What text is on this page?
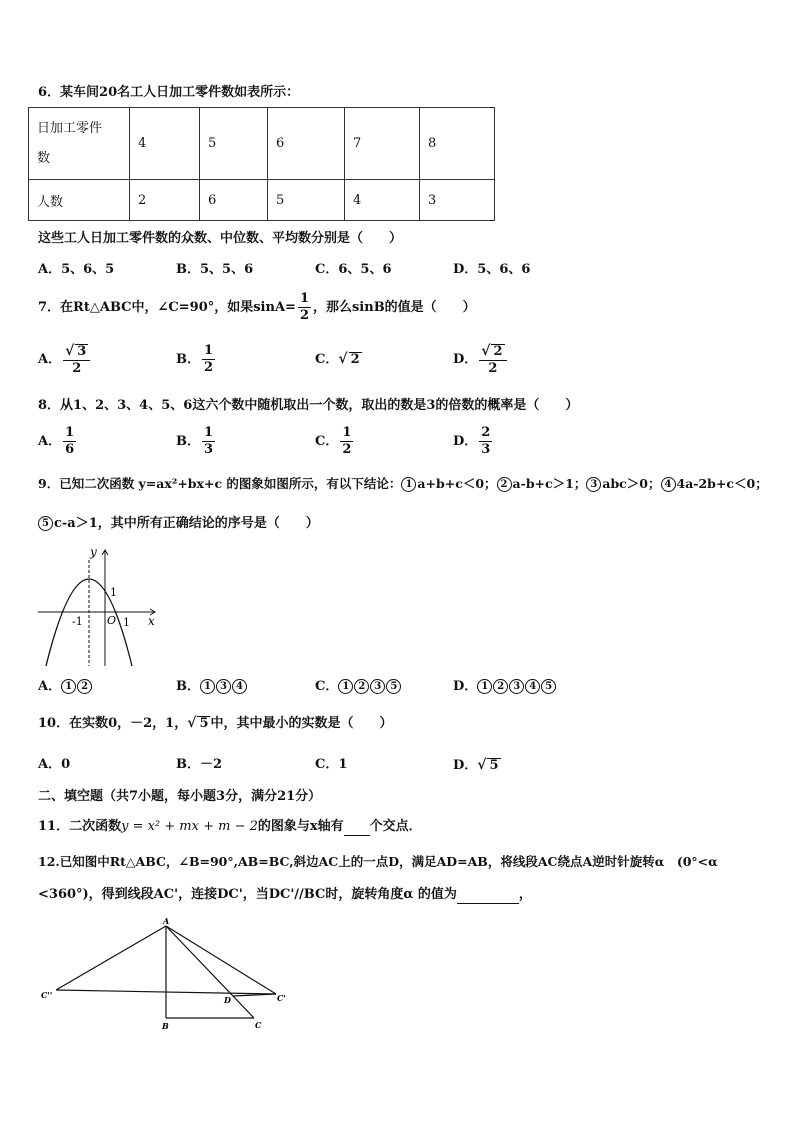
6．某车间20名工人日加工零件数如表所示：
日加工零件
数	4	5	6	7	8
人数	2	6	5	4	3
这些工人日加工零件数的众数、中位数、平均数分别是（　　）
A．5、6、5	B．5、5、6	C．6、5、6	D．5、6、6
7．在Rt△ABC中，∠C=90°，如果$\sin A= \frac{1}{2}$ ，那么sinB的值是（　　）
A． $\frac{√ 3}{2}$	B． $\frac{1}{2}$	C．√ 2	D． $\frac{√ 2}{2}$
8．从1、2、3、4、5、6这六个数中随机取出一个数，取出的数是3的倍数的概率是（　　）
A． $\frac{1}{6}$	B． $\frac{1}{3}$	C． $\frac{1}{2}$	D． $\frac{2}{3}$
9．已知二次函数 y=ax²+bx+c 的图象如图所示，有以下结论： 1 a+b+c＜0； 2 a-b+c＞1； 3 abc＞0； 4 4a-2b+c＜0；
5 c-a＞1，其中所有正确结论的序号是（　　）
y
x
1
O
-1	1
A． 1 2	B． 1 3 4	C． 1 2 3 5	D． 1 2 3 4 5
10．在实数0，－2，1，√ 5 中，其中最小的实数是（　　）
A．0	B．－2	C．1	D．√ 5
二、填空题（共7小题，每小题3分，满分21分）
11．二次函数y = x² + mx + m − 2的图象与x轴有 个交点．
12.已知图中Rt△ABC，∠B=90°,AB=BC,斜边AC上的一点D，满足AD=AB，将线段AC绕点A逆时针旋转α　(0°<α
<360°)，得到线段AC'，连接DC'，当DC'//BC时，旋转角度α 的值为	，
A
B	C
D	C'
C''
